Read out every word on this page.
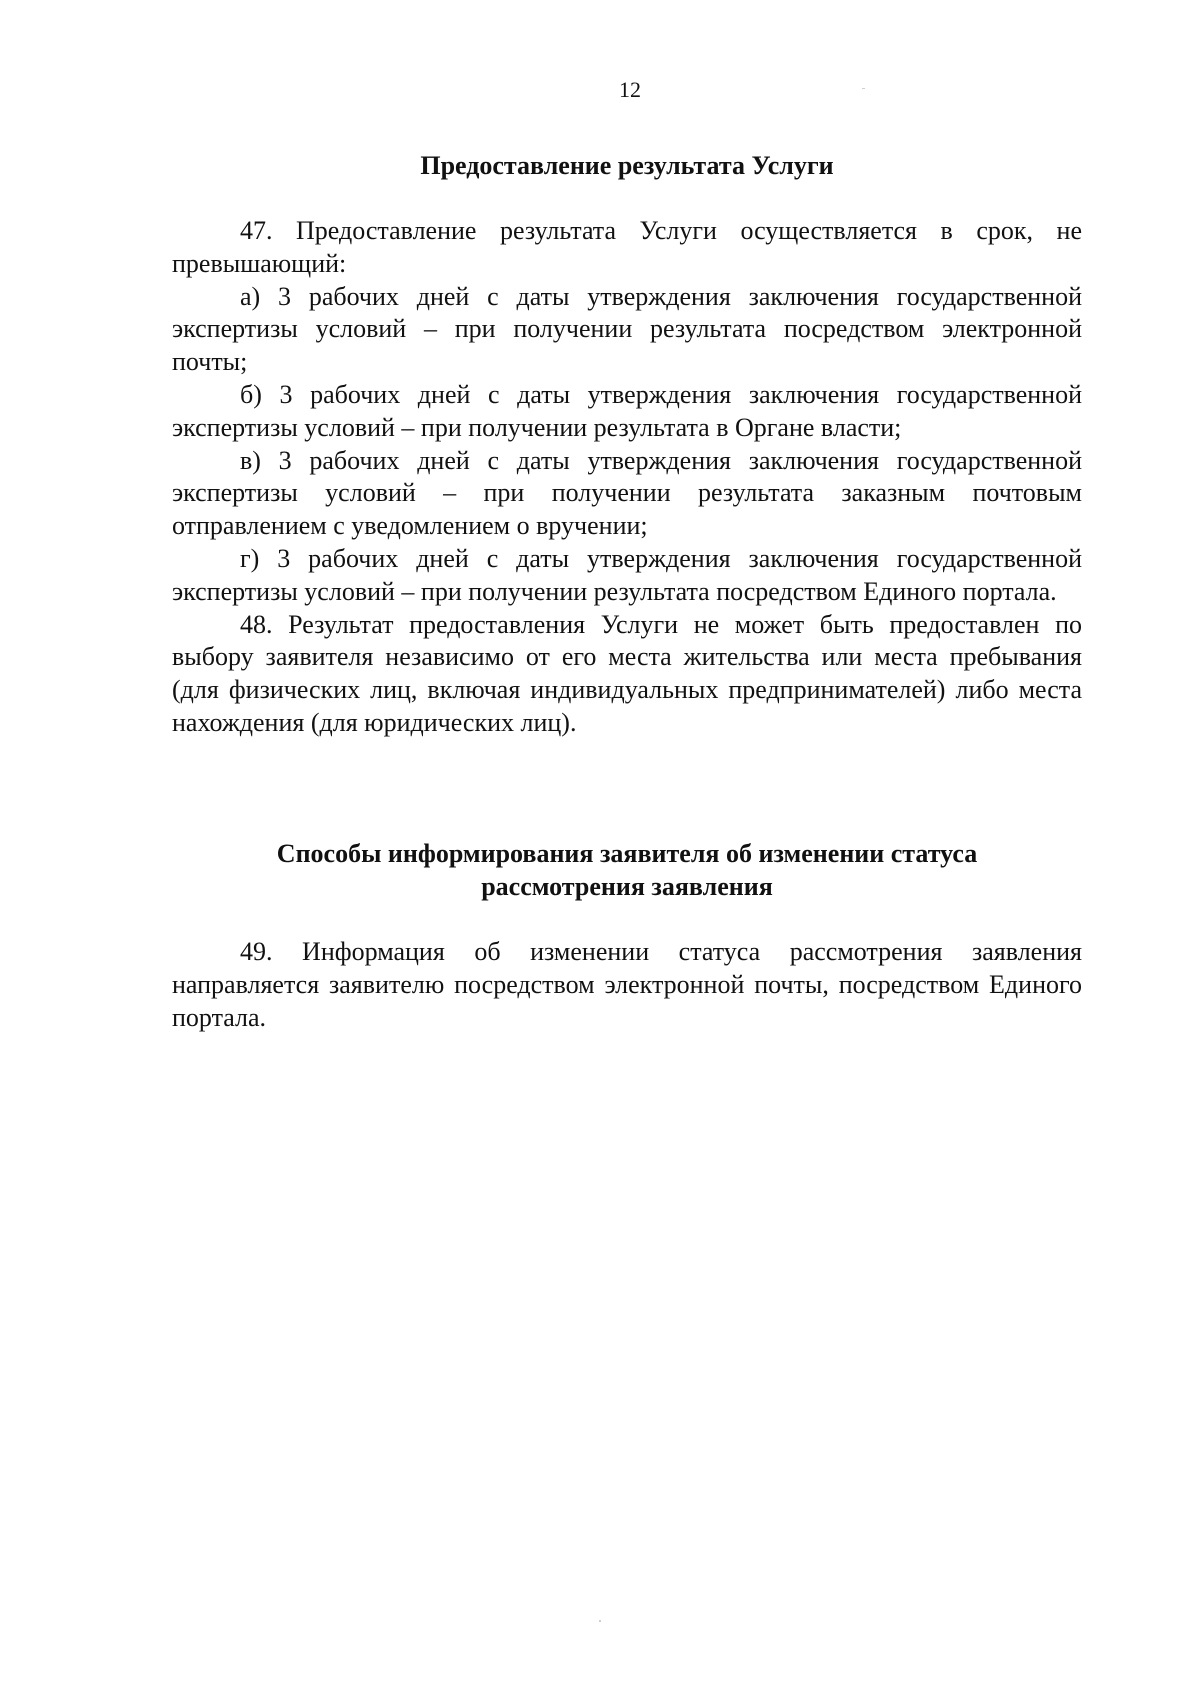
12
Предоставление результата Услуги

47. Предоставление результата Услуги осуществляется в срок, не превышающий:

а) 3 рабочих дней с даты утверждения заключения государственной экспертизы условий – при получении результата посредством электронной почты;

б) 3 рабочих дней с даты утверждения заключения государственной экспертизы условий – при получении результата в Органе власти;

в) 3 рабочих дней с даты утверждения заключения государственной экспертизы условий – при получении результата заказным почтовым отправлением с уведомлением о вручении;

г) 3 рабочих дней с даты утверждения заключения государственной экспертизы условий – при получении результата посредством Единого портала.

48. Результат предоставления Услуги не может быть предоставлен по выбору заявителя независимо от его места жительства или места пребывания (для физических лиц, включая индивидуальных предпринимателей) либо места нахождения (для юридических лиц).

Способы информирования заявителя об изменении статуса
рассмотрения заявления

49. Информация об изменении статуса рассмотрения заявления направляется заявителю посредством электронной почты, посредством Единого портала.
